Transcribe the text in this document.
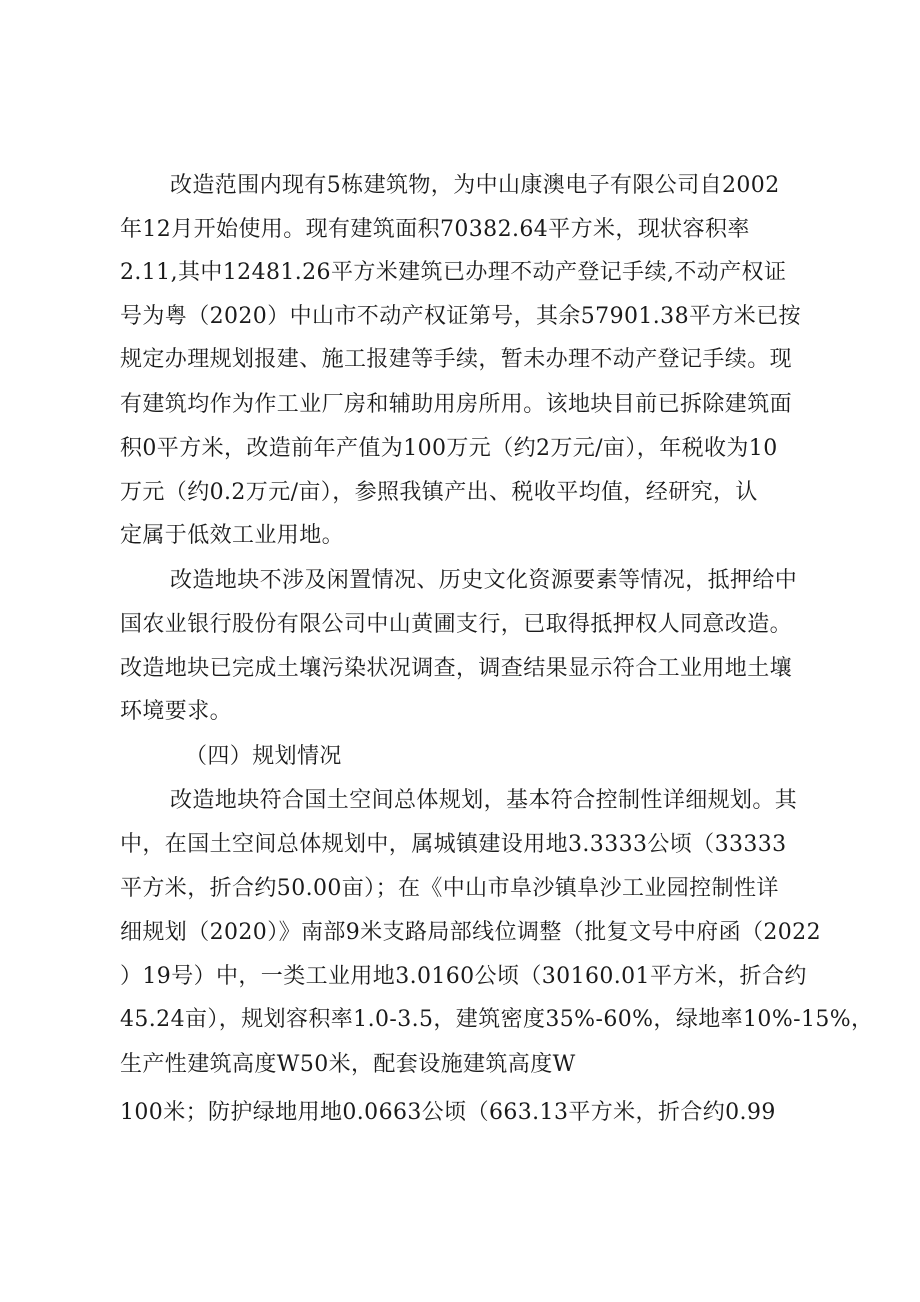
改造范围内现有5栋建筑物，为中山康澳电子有限公司自2002
年12月开始使用。现有建筑面积70382.64平方米，现状容积率
2.11,其中12481.26平方米建筑已办理不动产登记手续,不动产权证
号为粤（2020）中山市不动产权证第号，其余57901.38平方米已按
规定办理规划报建、施工报建等手续，暂未办理不动产登记手续。现
有建筑均作为作工业厂房和辅助用房所用。该地块目前已拆除建筑面
积0平方米，改造前年产值为100万元（约2万元/亩），年税收为10
万元（约0.2万元/亩），参照我镇产出、税收平均值，经研究，认
定属于低效工业用地。
改造地块不涉及闲置情况、历史文化资源要素等情况，抵押给中
国农业银行股份有限公司中山黄圃支行，已取得抵押权人同意改造。
改造地块已完成土壤污染状况调查，调查结果显示符合工业用地土壤
环境要求。
（四）规划情况
改造地块符合国土空间总体规划，基本符合控制性详细规划。其
中，在国土空间总体规划中，属城镇建设用地3.3333公顷（33333
平方米，折合约50.00亩）；在《中山市阜沙镇阜沙工业园控制性详
细规划（2020）》南部9米支路局部线位调整（批复文号中府函（2022
）19号）中，一类工业用地3.0160公顷（30160.01平方米，折合约
45.24亩），规划容积率1.0-3.5，建筑密度35%-60%，绿地率10%-15%，
生产性建筑高度W50米，配套设施建筑高度W
100米；防护绿地用地0.0663公顷（663.13平方米，折合约0.99
